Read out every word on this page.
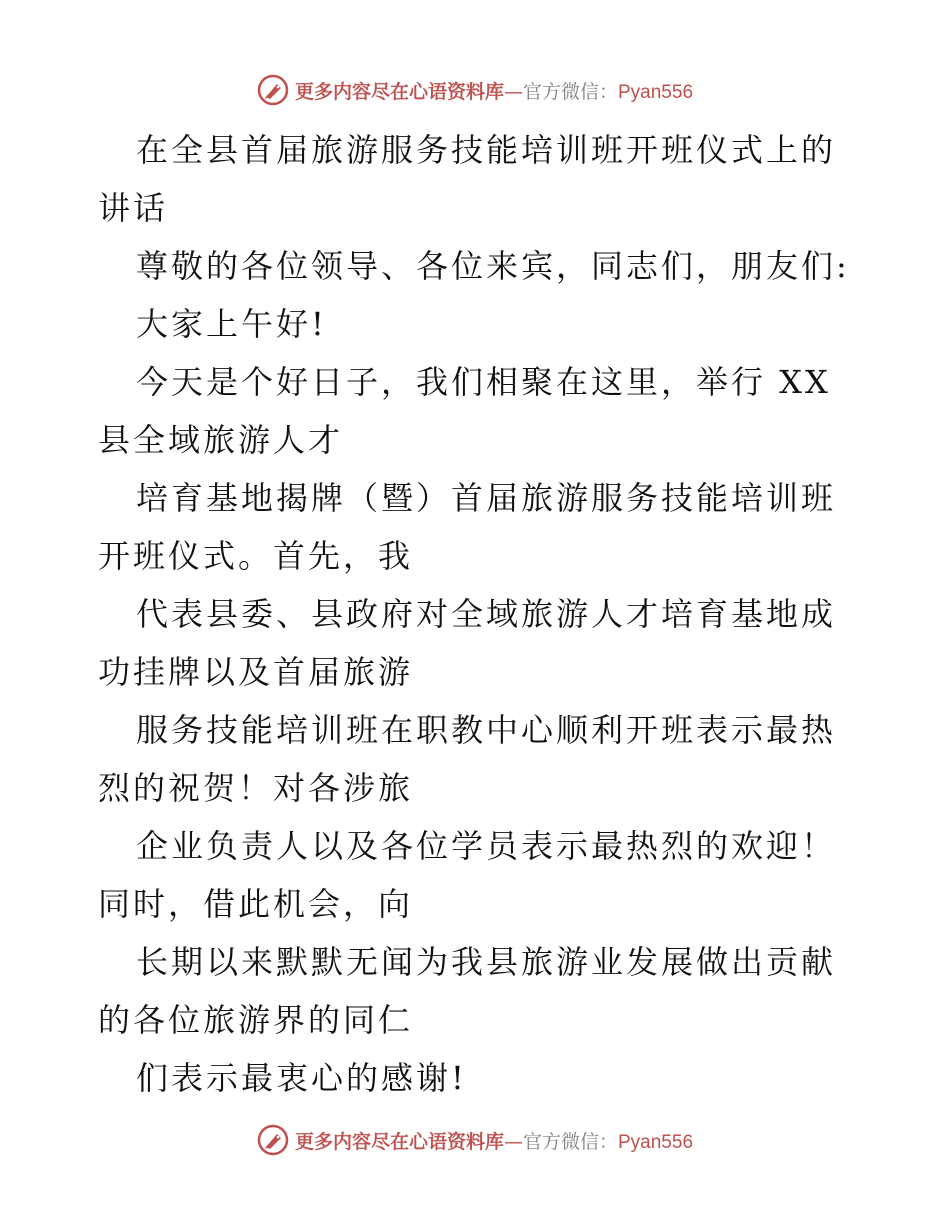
更多内容尽在心语资料库—官方微信：Pyan556

在全县首届旅游服务技能培训班开班仪式上的讲话

尊敬的各位领导、各位来宾，同志们，朋友们:

大家上午好!

今天是个好日子，我们相聚在这里，举行 XX 县全域旅游人才

培育基地揭牌（暨）首届旅游服务技能培训班开班仪式。首先，我

代表县委、县政府对全域旅游人才培育基地成功挂牌以及首届旅游

服务技能培训班在职教中心顺利开班表示最热烈的祝贺！对各涉旅

企业负责人以及各位学员表示最热烈的欢迎！同时，借此机会，向

长期以来默默无闻为我县旅游业发展做出贡献的各位旅游界的同仁

们表示最衷心的感谢!

更多内容尽在心语资料库—官方微信：Pyan556
